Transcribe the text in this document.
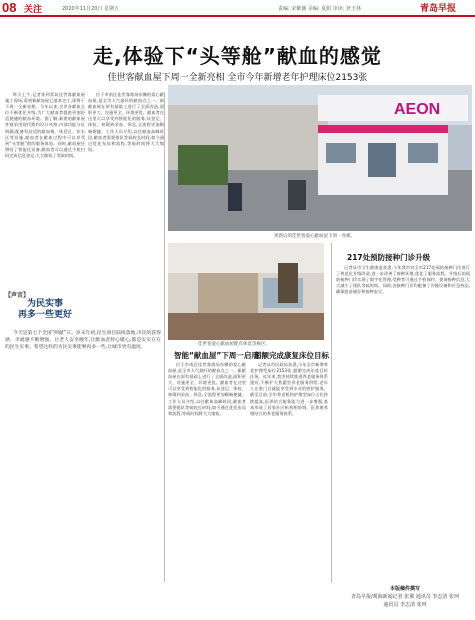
08 关注	2020年11月20日 星期五	责编: 宋紫薇 美编: 夏娟 审读: 狄玉林	青岛早报
走,体验下“头等舱”献血的感觉
佳世客献血屋下周一全新亮相 全市今年新增老年护理床位2153张

昨天上午,记者来到青岛佳世客献血屋施工现场,看到新献血屋已基本完工,即将于下周一全新亮相。今年以来,全市各献血点位不断优化升级,为广大献血者提供更加舒适便捷的献血环境。据了解,新建的献血屋外观采用现代简约设计风格,内部功能分区明确,配备有舒适的献血椅、休息区、饮水区等设施,献血者在献血过程中可以享受到“头等舱”般的服务体验。同时,献血屋还增设了智能化设备,献血者可以通过手机扫码完成信息登记,大大缩短了等候时间。

位于市南区佳世客商场东侧的爱心献血屋,是全市人气最旺的献血点之一。新献血屋在原有基础上进行了全面改造,面积更大、设施更全、环境更优。献血者在这里可以享受到智能化的服务,从登记、体检、初筛到采血、休息,全流程更加顺畅便捷。工作人员介绍,以往献血高峰时段,献血者需要排队等候较长时间,如今通过优化布局和流程,等候时间将大大缩短。

【声音】
为民实事
再多一些更好

今天是第七个全国“两献”日。岁末年初,民生项目陆续落地,市民的获得感、幸福感不断增强。让老人安享晚年,让献血者舒心暖心,都是实实在在的民生实事。希望这样的为民实事能够再多一些,让城市更有温度。

AEON
更新后的佳世客爱心献血屋下周一亮相。
佳世客爱心献血屋配有休息等候区。
智能“献血屋”下周一启用

位于市南区佳世客商场东侧的爱心献血屋,是全市人气最旺的献血点之一。新献血屋在原有基础上进行了全面改造,面积更大、设施更全、环境更优。献血者在这里可以享受到智能化的服务,从登记、体检、初筛到采血、休息,全流程更加顺畅便捷。工作人员介绍,以往献血高峰时段,献血者需要排队等候较长时间,如今通过优化布局和流程,等候时间将大大缩短。

超额完成康复床位目标

记者从市民政局获悉,今年全市新增养老护理型床位2153张,超额完成年度目标任务。近年来,我市持续推进养老服务体系建设,不断扩大普惠型养老服务供给,老年人在家门口就能享受到专业的照护服务。截至目前,全市养老机构护理型床位占比持续提高,医养结合服务能力进一步增强,基本形成了居家社区机构相协调、医养康养相结合的养老服务体系。

217处预防接种门诊升级

记者从市卫生健康委获悉,今年我市对全市217处预防接种门诊进行了规范化升级改造,进一步改善了接种环境,优化了服务流程。升级后的预防接种门诊实现了数字化管理,受种者可通过手机预约、查询接种信息,大大减少了排队等候时间。同时,各接种门诊均配备了冷链设备和应急药品,确保疫苗储存和接种安全。

本版稿件撰写
青岛早报/观海新闻记者 张翼 通讯员 李志清 张珂
通讯员 李志清 张珂
